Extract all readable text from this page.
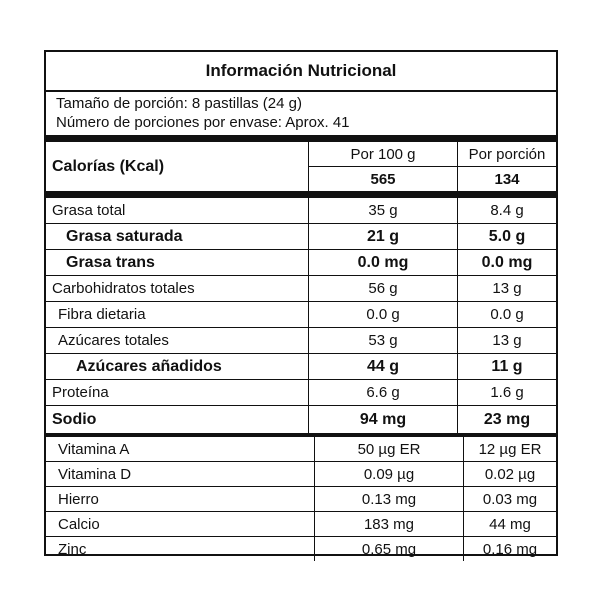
Información Nutricional
Tamaño de porción: 8 pastillas (24 g)
Número de porciones por envase: Aprox. 41
Calorías (Kcal)	Por 100 g	Por porción
	565	134
Grasa total	35 g	8.4 g
Grasa saturada	21 g	5.0 g
Grasa trans	0.0 mg	0.0 mg
Carbohidratos totales	56 g	13 g
Fibra dietaria	0.0 g	0.0 g
Azúcares totales	53 g	13 g
Azúcares añadidos	44 g	11 g
Proteína	6.6 g	1.6 g
Sodio	94 mg	23 mg
Vitamina A	50 µg ER	12 µg ER
Vitamina D	0.09 µg	0.02 µg
Hierro	0.13 mg	0.03 mg
Calcio	183 mg	44 mg
Zinc	0.65 mg	0.16 mg
